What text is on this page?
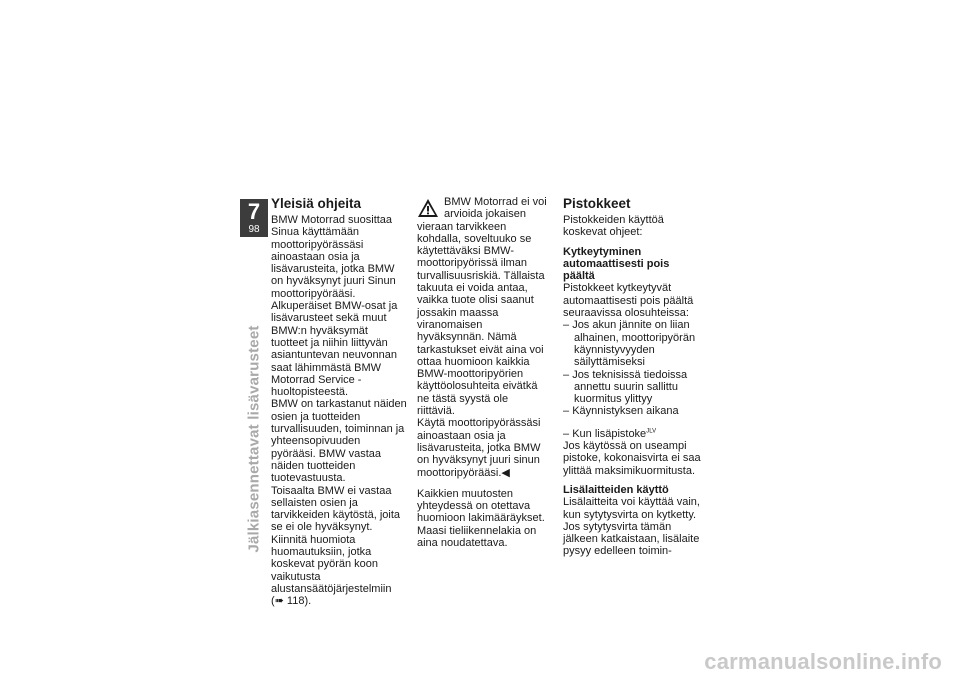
7
98
Jälkiasennettavat lisävarusteet
Yleisiä ohjeita

BMW Motorrad suosittaa Sinua käyttämään moottoripyörässäsi ainoastaan osia ja lisävarusteita, jotka BMW on hyväksynyt juuri Sinun moottoripyörääsi.

Alkuperäiset BMW-osat ja lisävarusteet sekä muut BMW:n hyväksymät tuotteet ja niihin liittyvän asiantuntevan neuvonnan saat lähimmästä BMW Motorrad Service -huoltopisteestä.

BMW on tarkastanut näiden osien ja tuotteiden turvallisuuden, toiminnan ja yhteensopivuuden pyörääsi. BMW vastaa näiden tuotteiden tuotevastuusta.

Toisaalta BMW ei vastaa sellaisten osien ja tarvikkeiden käytöstä, joita se ei ole hyväksynyt.

Kiinnitä huomiota huomautuksiin, jotka koskevat pyörän koon vaikutusta alustansäätöjärjestelmiin (➠ 118).

BMW Motorrad ei voi arvioida jokaisen vieraan tarvikkeen kohdalla, soveltuuko se käytettäväksi BMW-moottoripyörissä ilman turvallisuusriskiä. Tällaista takuuta ei voida antaa, vaikka tuote olisi saanut jossakin maassa viranomaisen hyväksynnän. Nämä tarkastukset eivät aina voi ottaa huomioon kaikkia BMW-moottoripyörien käyttöolosuhteita eivätkä ne tästä syystä ole riittäviä.

Käytä moottoripyörässäsi ainoastaan osia ja lisävarusteita, jotka BMW on hyväksynyt juuri sinun moottoripyörääsi.◀

Kaikkien muutosten yhteydessä on otettava huomioon lakimääräykset. Maasi tieliikennelakia on aina noudatettava.

Pistokkeet

Pistokkeiden käyttöä koskevat ohjeet:

Kytkeytyminen automaattisesti pois päältä

Pistokkeet kytkeytyvät automaattisesti pois päältä seuraavissa olosuhteissa:

– Jos akun jännite on liian alhainen, moottoripyörän käynnistyvyyden säilyttämiseksi
– Jos teknisissä tiedoissa annettu suurin sallittu kuormitus ylittyy
– Käynnistyksen aikana
– Kun lisäpistoke$^{JLV}$

Jos käytössä on useampi pistoke, kokonaisvirta ei saa ylittää maksimikuormitusta.

Lisälaitteiden käyttö

Lisälaitteita voi käyttää vain, kun sytytysvirta on kytketty. Jos sytytysvirta tämän jälkeen katkaistaan, lisälaite pysyy edelleen toimin-

carmanualsonline.info
